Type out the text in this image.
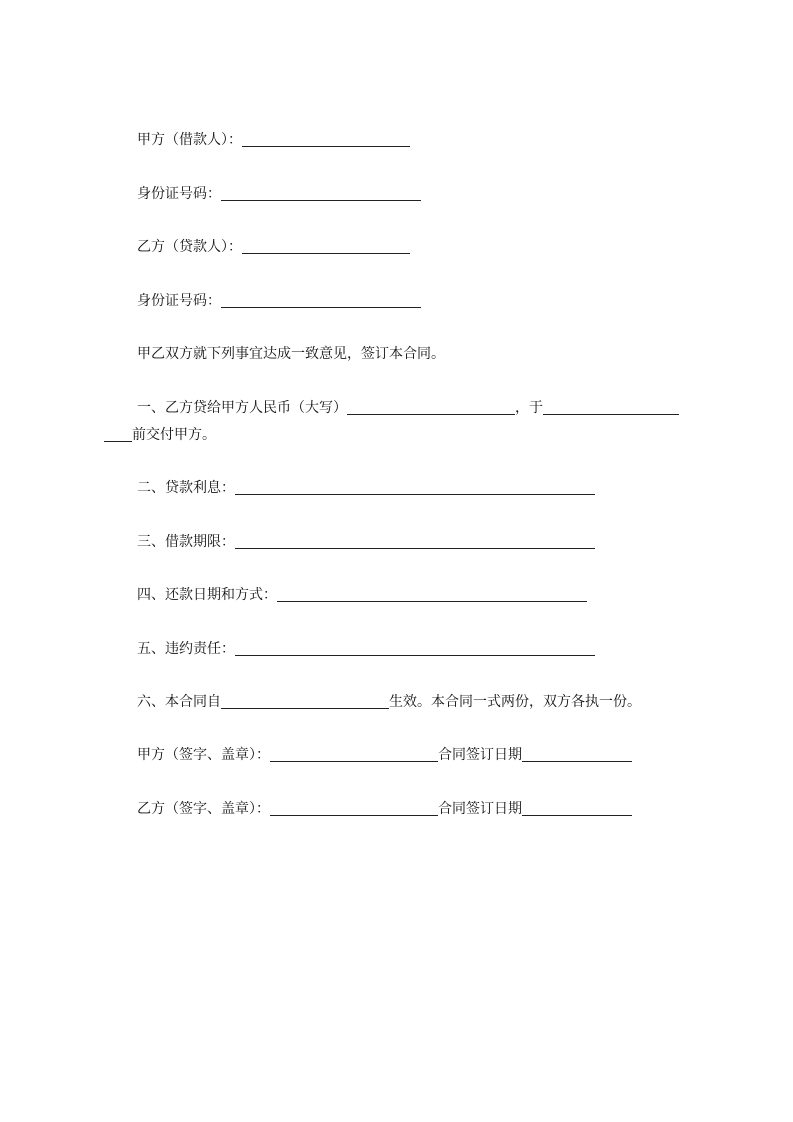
甲方（借款人）：
身份证号码：
乙方（贷款人）：
身份证号码：
甲乙双方就下列事宜达成一致意见，签订本合同。
一、乙方贷给甲方人民币（大写）	，于
前交付甲方。
二、贷款利息：
三、借款期限：
四、还款日期和方式：
五、违约责任：
六、本合同自	生效。本合同一式两份，双方各执一份。
甲方（签字、盖章）：	合同签订日期
乙方（签字、盖章）：	合同签订日期
